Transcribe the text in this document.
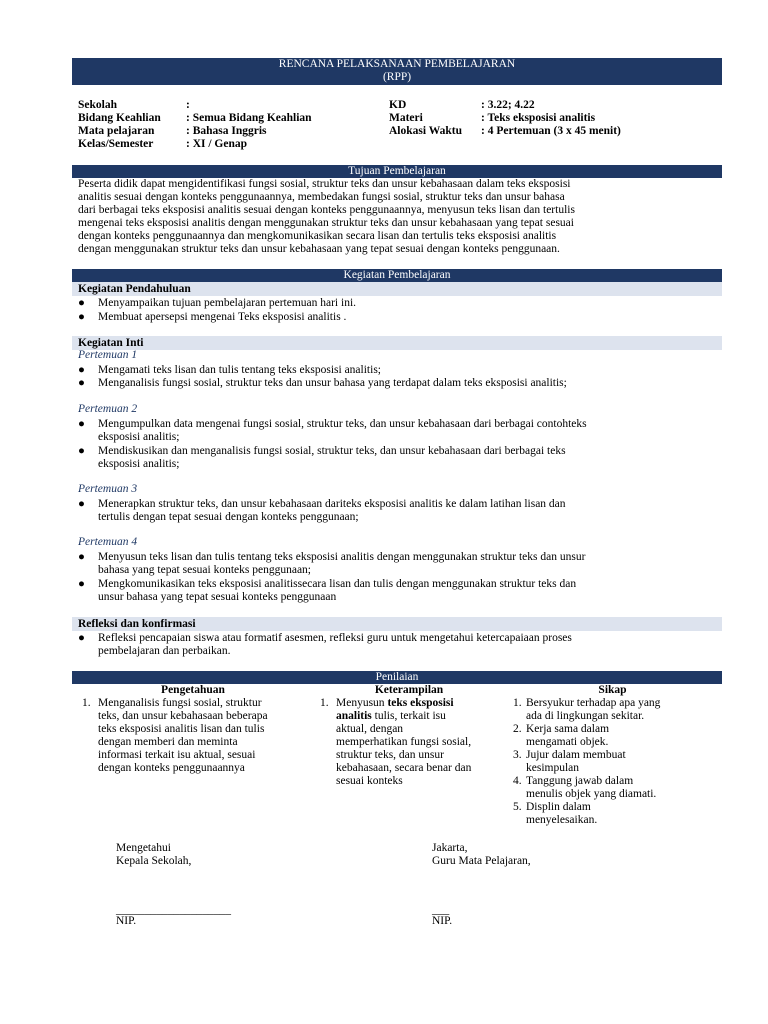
RENCANA PELAKSANAAN PEMBELAJARAN
(RPP)
Sekolah	:
Bidang Keahlian : Semua Bidang Keahlian
Mata pelajaran	: Bahasa Inggris
Kelas/Semester	: XI / Genap
KD	: 3.22; 4.22
Materi	: Teks eksposisi analitis
Alokasi Waktu : 4 Pertemuan (3 x 45 menit)
Tujuan Pembelajaran
Peserta didik dapat mengidentifikasi fungsi sosial, struktur teks dan unsur kebahasaan dalam teks eksposisi
analitis sesuai dengan konteks penggunaannya, membedakan fungsi sosial, struktur teks dan unsur bahasa
dari berbagai teks eksposisi analitis sesuai dengan konteks penggunaannya, menyusun teks lisan dan tertulis
mengenai teks eksposisi analitis dengan menggunakan struktur teks dan unsur kebahasaan yang tepat sesuai
dengan konteks penggunaannya dan mengkomunikasikan secara lisan dan tertulis teks eksposisi analitis
dengan menggunakan struktur teks dan unsur kebahasaan yang tepat sesuai dengan konteks penggunaan.
Kegiatan Pembelajaran
Kegiatan Pendahuluan
● Menyampaikan tujuan pembelajaran pertemuan hari ini.
● Membuat apersepsi mengenai Teks eksposisi analitis .
Kegiatan Inti
Pertemuan 1
● Mengamati teks lisan dan tulis tentang teks eksposisi analitis;
● Menganalisis fungsi sosial, struktur teks dan unsur bahasa yang terdapat dalam teks eksposisi analitis;
Pertemuan 2
● Mengumpulkan data mengenai fungsi sosial, struktur teks, dan unsur kebahasaan dari berbagai contohteks
eksposisi analitis;
● Mendiskusikan dan menganalisis fungsi sosial, struktur teks, dan unsur kebahasaan dari berbagai teks
eksposisi analitis;
Pertemuan 3
● Menerapkan struktur teks, dan unsur kebahasaan dariteks eksposisi analitis ke dalam latihan lisan dan
tertulis dengan tepat sesuai dengan konteks penggunaan;
Pertemuan 4
● Menyusun teks lisan dan tulis tentang teks eksposisi analitis dengan menggunakan struktur teks dan unsur
bahasa yang tepat sesuai konteks penggunaan;
● Mengkomunikasikan teks eksposisi analitissecara lisan dan tulis dengan menggunakan struktur teks dan
unsur bahasa yang tepat sesuai konteks penggunaan
Refleksi dan konfirmasi
● Refleksi pencapaian siswa atau formatif asesmen, refleksi guru untuk mengetahui ketercapaiaan proses
pembelajaran dan perbaikan.
Penilaian
Pengetahuan
1. Menganalisis fungsi sosial, struktur
teks, dan unsur kebahasaan beberapa
teks eksposisi analitis lisan dan tulis
dengan memberi dan meminta
informasi terkait isu aktual, sesuai
dengan konteks penggunaannya
Keterampilan
1. Menyusun teks eksposisi
analitis tulis, terkait isu
aktual, dengan
memperhatikan fungsi sosial,
struktur teks, dan unsur
kebahasaan, secara benar dan
sesuai konteks
Sikap
1. Bersyukur terhadap apa yang
ada di lingkungan sekitar.
2. Kerja sama dalam
mengamati objek.
3. Jujur dalam membuat
kesimpulan
4. Tanggung jawab dalam
menulis objek yang diamati.
5. Displin dalam
menyelesaikan.
Mengetahui
Kepala Sekolah,
____________________
NIP.
Jakarta,
Guru Mata Pelajaran,
___
NIP.
